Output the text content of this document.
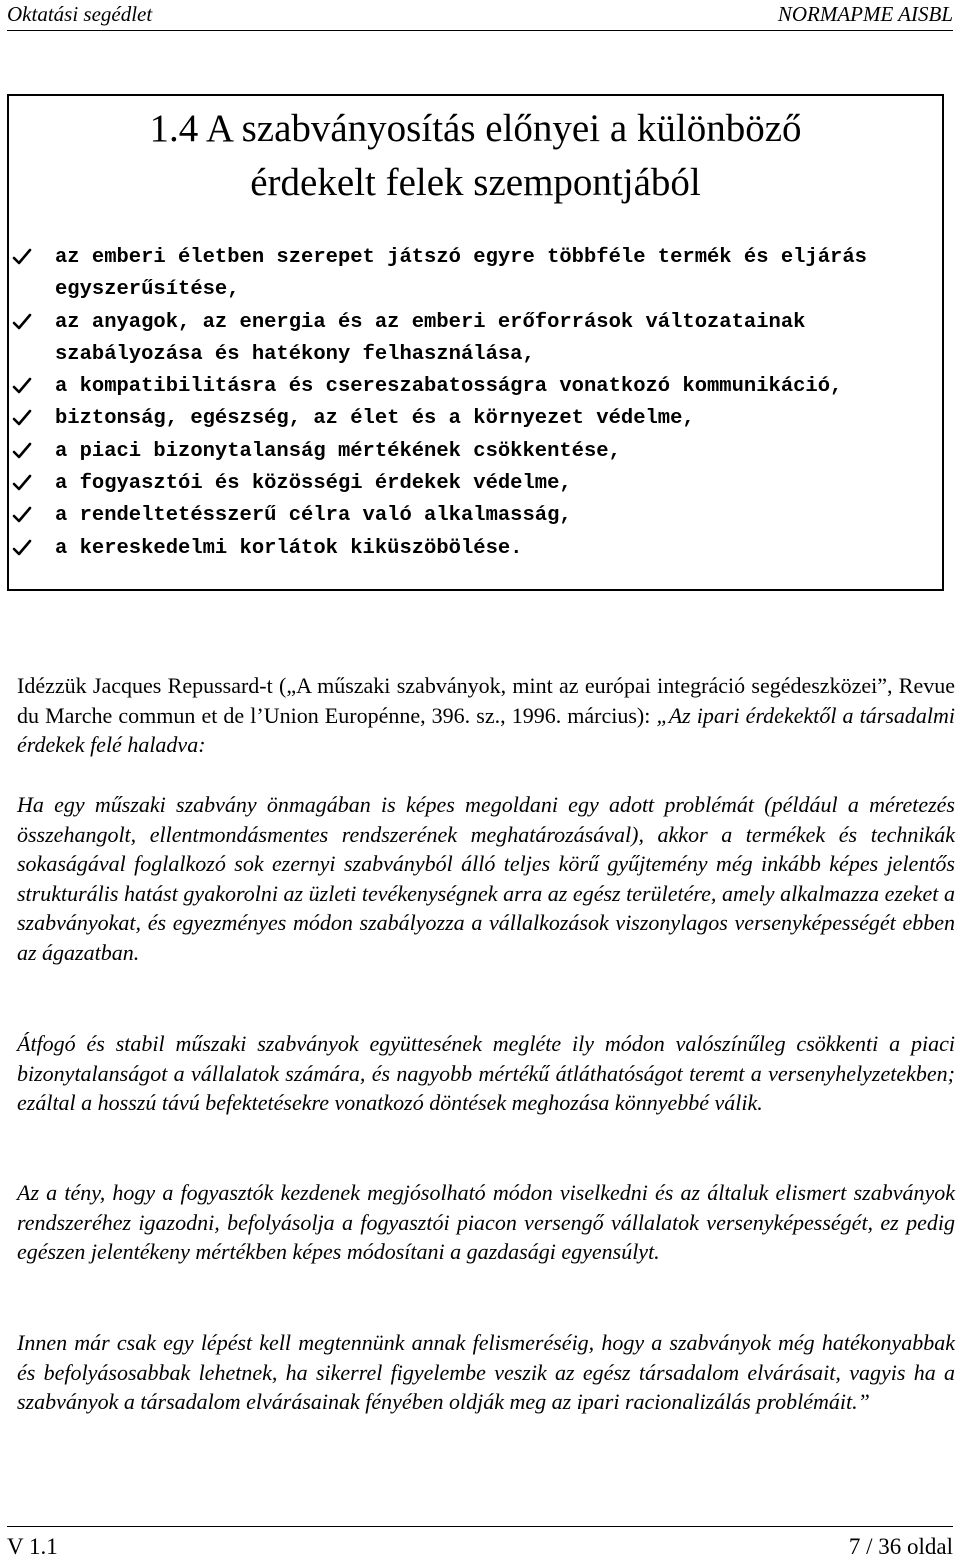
Oktatási segédlet	NORMAPME AISBL
1.4 A szabványosítás előnyei a különböző
érdekelt felek szempontjából
az emberi életben szerepet játszó egyre többféle termék és eljárás
egyszerűsítése,
az anyagok, az energia és az emberi erőforrások változatainak
szabályozása és hatékony felhasználása,
a kompatibilitásra és csereszabatosságra vonatkozó kommunikáció,
biztonság, egészség, az élet és a környezet védelme,
a piaci bizonytalanság mértékének csökkentése,
a fogyasztói és közösségi érdekek védelme,
a rendeltetésszerű célra való alkalmasság,
a kereskedelmi korlátok kiküszöbölése.

Idézzük Jacques Repussard-t („A műszaki szabványok, mint az európai integráció segédeszközei”, Revue du Marche commun et de l’Union Europénne, 396. sz., 1996. március): „Az ipari érdekektől a társadalmi érdekek felé haladva:

Ha egy műszaki szabvány önmagában is képes megoldani egy adott problémát (például a méretezés összehangolt, ellentmondásmentes rendszerének meghatározásával), akkor a termékek és technikák sokaságával foglalkozó sok ezernyi szabványból álló teljes körű gyűjtemény még inkább képes jelentős strukturális hatást gyakorolni az üzleti tevékenységnek arra az egész területére, amely alkalmazza ezeket a szabványokat, és egyezményes módon szabályozza a vállalkozások viszonylagos versenyképességét ebben az ágazatban.

Átfogó és stabil műszaki szabványok együttesének megléte ily módon valószínűleg csökkenti a piaci bizonytalanságot a vállalatok számára, és nagyobb mértékű átláthatóságot teremt a versenyhelyzetekben; ezáltal a hosszú távú befektetésekre vonatkozó döntések meghozása könnyebbé válik.

Az a tény, hogy a fogyasztók kezdenek megjósolható módon viselkedni és az általuk elismert szabványok rendszeréhez igazodni, befolyásolja a fogyasztói piacon versengő vállalatok versenyképességét, ez pedig egészen jelentékeny mértékben képes módosítani a gazdasági egyensúlyt.

Innen már csak egy lépést kell megtennünk annak felismeréséig, hogy a szabványok még hatékonyabbak és befolyásosabbak lehetnek, ha sikerrel figyelembe veszik az egész társadalom elvárásait, vagyis ha a szabványok a társadalom elvárásainak fényében oldják meg az ipari racionalizálás problémáit.”

V 1.1	7 / 36 oldal
